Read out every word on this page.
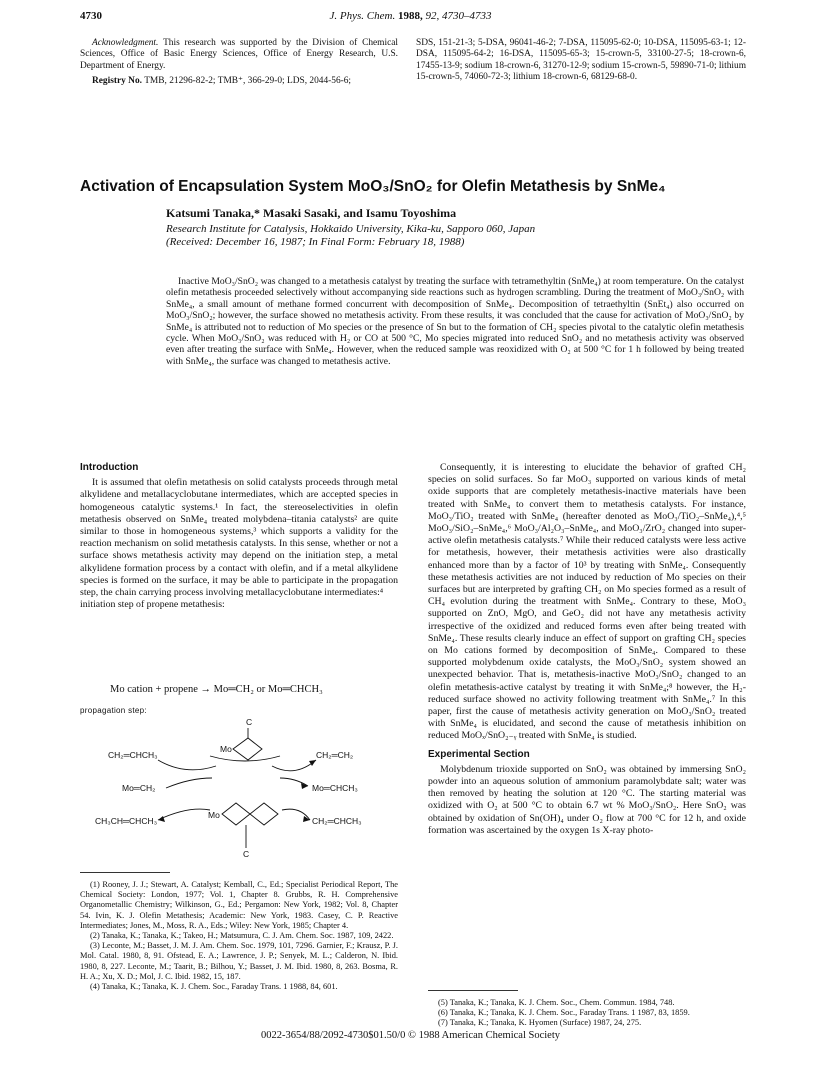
4730	J. Phys. Chem. 1988, 92, 4730–4733

Acknowledgment. This research was supported by the Division of Chemical Sciences, Office of Basic Energy Sciences, Office of Energy Research, U.S. Department of Energy.

Registry No. TMB, 21296-82-2; TMB⁺, 366-29-0; LDS, 2044-56-6;

SDS, 151-21-3; 5-DSA, 96041-46-2; 7-DSA, 115095-62-0; 10-DSA, 115095-63-1; 12-DSA, 115095-64-2; 16-DSA, 115095-65-3; 15-crown-5, 33100-27-5; 18-crown-6, 17455-13-9; sodium 18-crown-6, 31270-12-9; sodium 15-crown-5, 59890-71-0; lithium 15-crown-5, 74060-72-3; lithium 18-crown-6, 68129-68-0.
Activation of Encapsulation System MoO₃/SnO₂ for Olefin Metathesis by SnMe₄
Katsumi Tanaka,* Masaki Sasaki, and Isamu Toyoshima
Research Institute for Catalysis, Hokkaido University, Kika-ku, Sapporo 060, Japan
(Received: December 16, 1987; In Final Form: February 18, 1988)
Inactive MoO₃/SnO₂ was changed to a metathesis catalyst by treating the surface with tetramethyltin (SnMe₄) at room temperature. On the catalyst olefin metathesis proceeded selectively without accompanying side reactions such as hydrogen scrambling. During the treatment of MoO₃/SnO₂ with SnMe₄, a small amount of methane formed concurrent with decomposition of SnMe₄. Decomposition of tetraethyltin (SnEt₄) also occurred on MoO₃/SnO₂; however, the surface showed no metathesis activity. From these results, it was concluded that the cause for activation of MoO₃/SnO₂ by SnMe₄ is attributed not to reduction of Mo species or the presence of Sn but to the formation of CH₂ species pivotal to the catalytic olefin metathesis cycle. When MoO₃/SnO₂ was reduced with H₂ or CO at 500 °C, Mo species migrated into reduced SnO₂ and no metathesis activity was observed even after treating the surface with SnMe₄. However, when the reduced sample was reoxidized with O₂ at 500 °C for 1 h followed by being treated with SnMe₄, the surface was changed to metathesis active.
Introduction

It is assumed that olefin metathesis on solid catalysts proceeds through metal alkylidene and metallacyclobutane intermediates, which are accepted species in homogeneous catalytic systems.¹ In fact, the stereoselectivities in olefin metathesis observed on SnMe₄ treated molybdena–titania catalysts² are quite similar to those in homogeneous systems,³ which supports a validity for the reaction mechanism on solid metathesis catalysts. In this sense, whether or not a surface shows metathesis activity may depend on the initiation step, a metal alkylidene formation process by a contact with olefin, and if a metal alkylidene species is formed on the surface, it may be able to participate in the propagation step, the chain carrying process involving metallacyclobutane intermediates:⁴

initiation step of propene metathesis:

Mo cation + propene → Mo═CH₂ or Mo═CHCH₃
propagation step:
CH₂═CHCH₃
Mo═CH₂
CH₃CH═CHCH₃
CH₂═CH₂
Mo═CHCH₃
CH₂═CHCH₃
Mo
C
Mo
C

(1) Rooney, J. J.; Stewart, A. Catalyst; Kemball, C., Ed.; Specialist Periodical Report, The Chemical Society: London, 1977; Vol. 1, Chapter 8. Grubbs, R. H. Comprehensive Organometallic Chemistry; Wilkinson, G., Ed.; Pergamon: New York, 1982; Vol. 8, Chapter 54. Ivin, K. J. Olefin Metathesis; Academic: New York, 1983. Casey, C. P. Reactive Intermediates; Jones, M., Moss, R. A., Eds.; Wiley: New York, 1985; Chapter 4.

(2) Tanaka, K.; Tanaka, K.; Takeo, H.; Matsumura, C. J. Am. Chem. Soc. 1987, 109, 2422.

(3) Leconte, M.; Basset, J. M. J. Am. Chem. Soc. 1979, 101, 7296. Garnier, F.; Krausz, P. J. Mol. Catal. 1980, 8, 91. Ofstead, E. A.; Lawrence, J. P.; Senyek, M. L.; Calderon, N. Ibid. 1980, 8, 227. Leconte, M.; Taarit, B.; Bilhou, Y.; Basset, J. M. Ibid. 1980, 8, 263. Bosma, R. H. A.; Xu, X. D.; Mol, J. C. Ibid. 1982, 15, 187.

(4) Tanaka, K.; Tanaka, K. J. Chem. Soc., Faraday Trans. 1 1988, 84, 601.

Consequently, it is interesting to elucidate the behavior of grafted CH₂ species on solid surfaces. So far MoO₃ supported on various kinds of metal oxide supports that are completely metathesis-inactive materials have been treated with SnMe₄ to convert them to metathesis catalysts. For instance, MoO₃/TiO₂ treated with SnMe₄ (hereafter denoted as MoO₃/TiO₂–SnMe₄),⁴,⁵ MoO₃/SiO₂–SnMe₄,⁶ MoO₃/Al₂O₃–SnMe₄, and MoO₃/ZrO₂ changed into super-active olefin metathesis catalysts.⁷ While their reduced catalysts were less active for metathesis, however, their metathesis activities were also drastically enhanced more than by a factor of 10³ by treating with SnMe₄. Consequently these metathesis activities are not induced by reduction of Mo species on their surfaces but are interpreted by grafting CH₂ on Mo species formed as a result of CH₄ evolution during the treatment with SnMe₄. Contrary to these, MoO₃ supported on ZnO, MgO, and GeO₂ did not have any metathesis activity irrespective of the oxidized and reduced forms even after being treated with SnMe₄. These results clearly induce an effect of support on grafting CH₂ species on Mo cations formed by decomposition of SnMe₄. Compared to these supported molybdenum oxide catalysts, the MoO₃/SnO₂ system showed an unexpected behavior. That is, metathesis-inactive MoO₃/SnO₂ changed to an olefin metathesis-active catalyst by treating it with SnMe₄;⁸ however, the H₂-reduced surface showed no activity following treatment with SnMe₄.⁷ In this paper, first the cause of metathesis activity generation on MoO₃/SnO₂ treated with SnMe₄ is elucidated, and second the cause of metathesis inhibition on reduced MoOₓ/SnO₂₋ᵧ treated with SnMe₄ is studied.

Experimental Section

Molybdenum trioxide supported on SnO₂ was obtained by immersing SnO₂ powder into an aqueous solution of ammonium paramolybdate salt; water was then removed by heating the solution at 120 °C. The starting material was oxidized with O₂ at 500 °C to obtain 6.7 wt % MoO₃/SnO₂. Here SnO₂ was obtained by oxidation of Sn(OH)₄ under O₂ flow at 700 °C for 12 h, and oxide formation was ascertained by the oxygen 1s X-ray photo-

(5) Tanaka, K.; Tanaka, K. J. Chem. Soc., Chem. Commun. 1984, 748.

(6) Tanaka, K.; Tanaka, K. J. Chem. Soc., Faraday Trans. 1 1987, 83, 1859.

(7) Tanaka, K.; Tanaka, K. Hyomen (Surface) 1987, 24, 275.

0022-3654/88/2092-4730$01.50/0 © 1988 American Chemical Society
